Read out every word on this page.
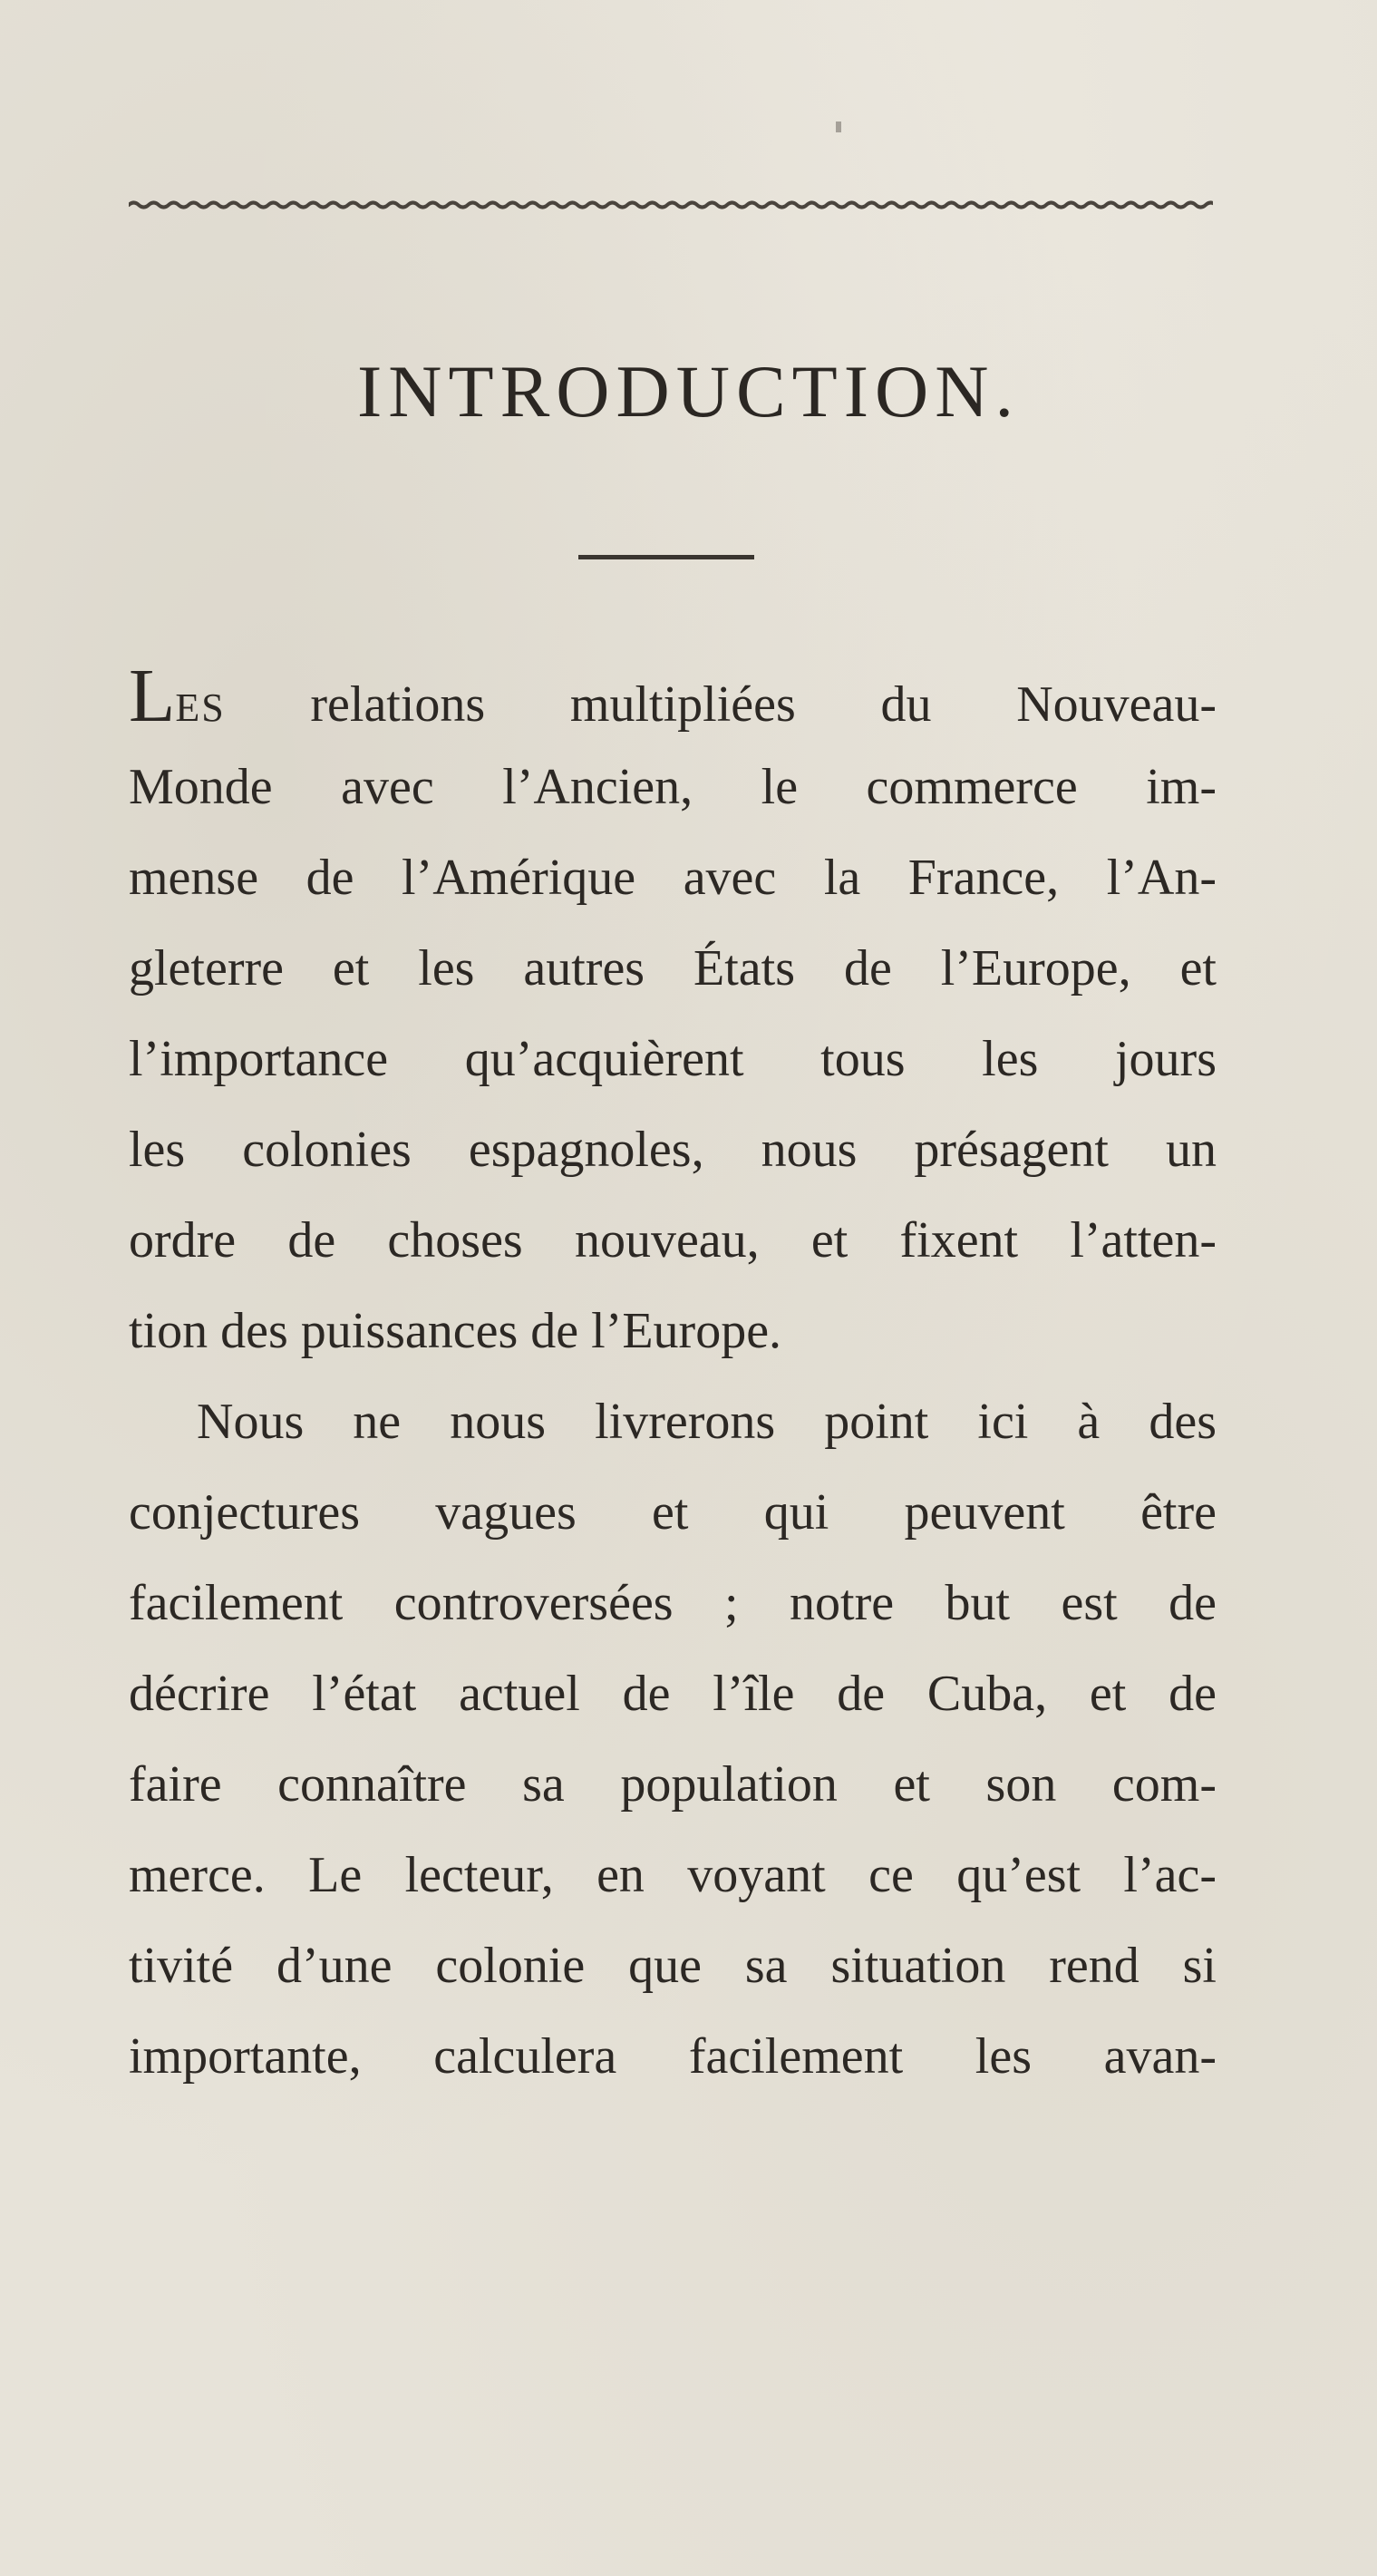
INTRODUCTION.
LES relations multipliées du Nouveau-
Monde avec l’Ancien, le commerce im-
mense de l’Amérique avec la France, l’An-
gleterre et les autres États de l’Europe, et
l’importance qu’acquièrent tous les jours
les colonies espagnoles, nous présagent un
ordre de choses nouveau, et fixent l’atten-
tion des puissances de l’Europe.
Nous ne nous livrerons point ici à des
conjectures vagues et qui peuvent être
facilement controversées ; notre but est de
décrire l’état actuel de l’île de Cuba, et de
faire connaître sa population et son com-
merce. Le lecteur, en voyant ce qu’est l’ac-
tivité d’une colonie que sa situation rend si
importante, calculera facilement les avan-
